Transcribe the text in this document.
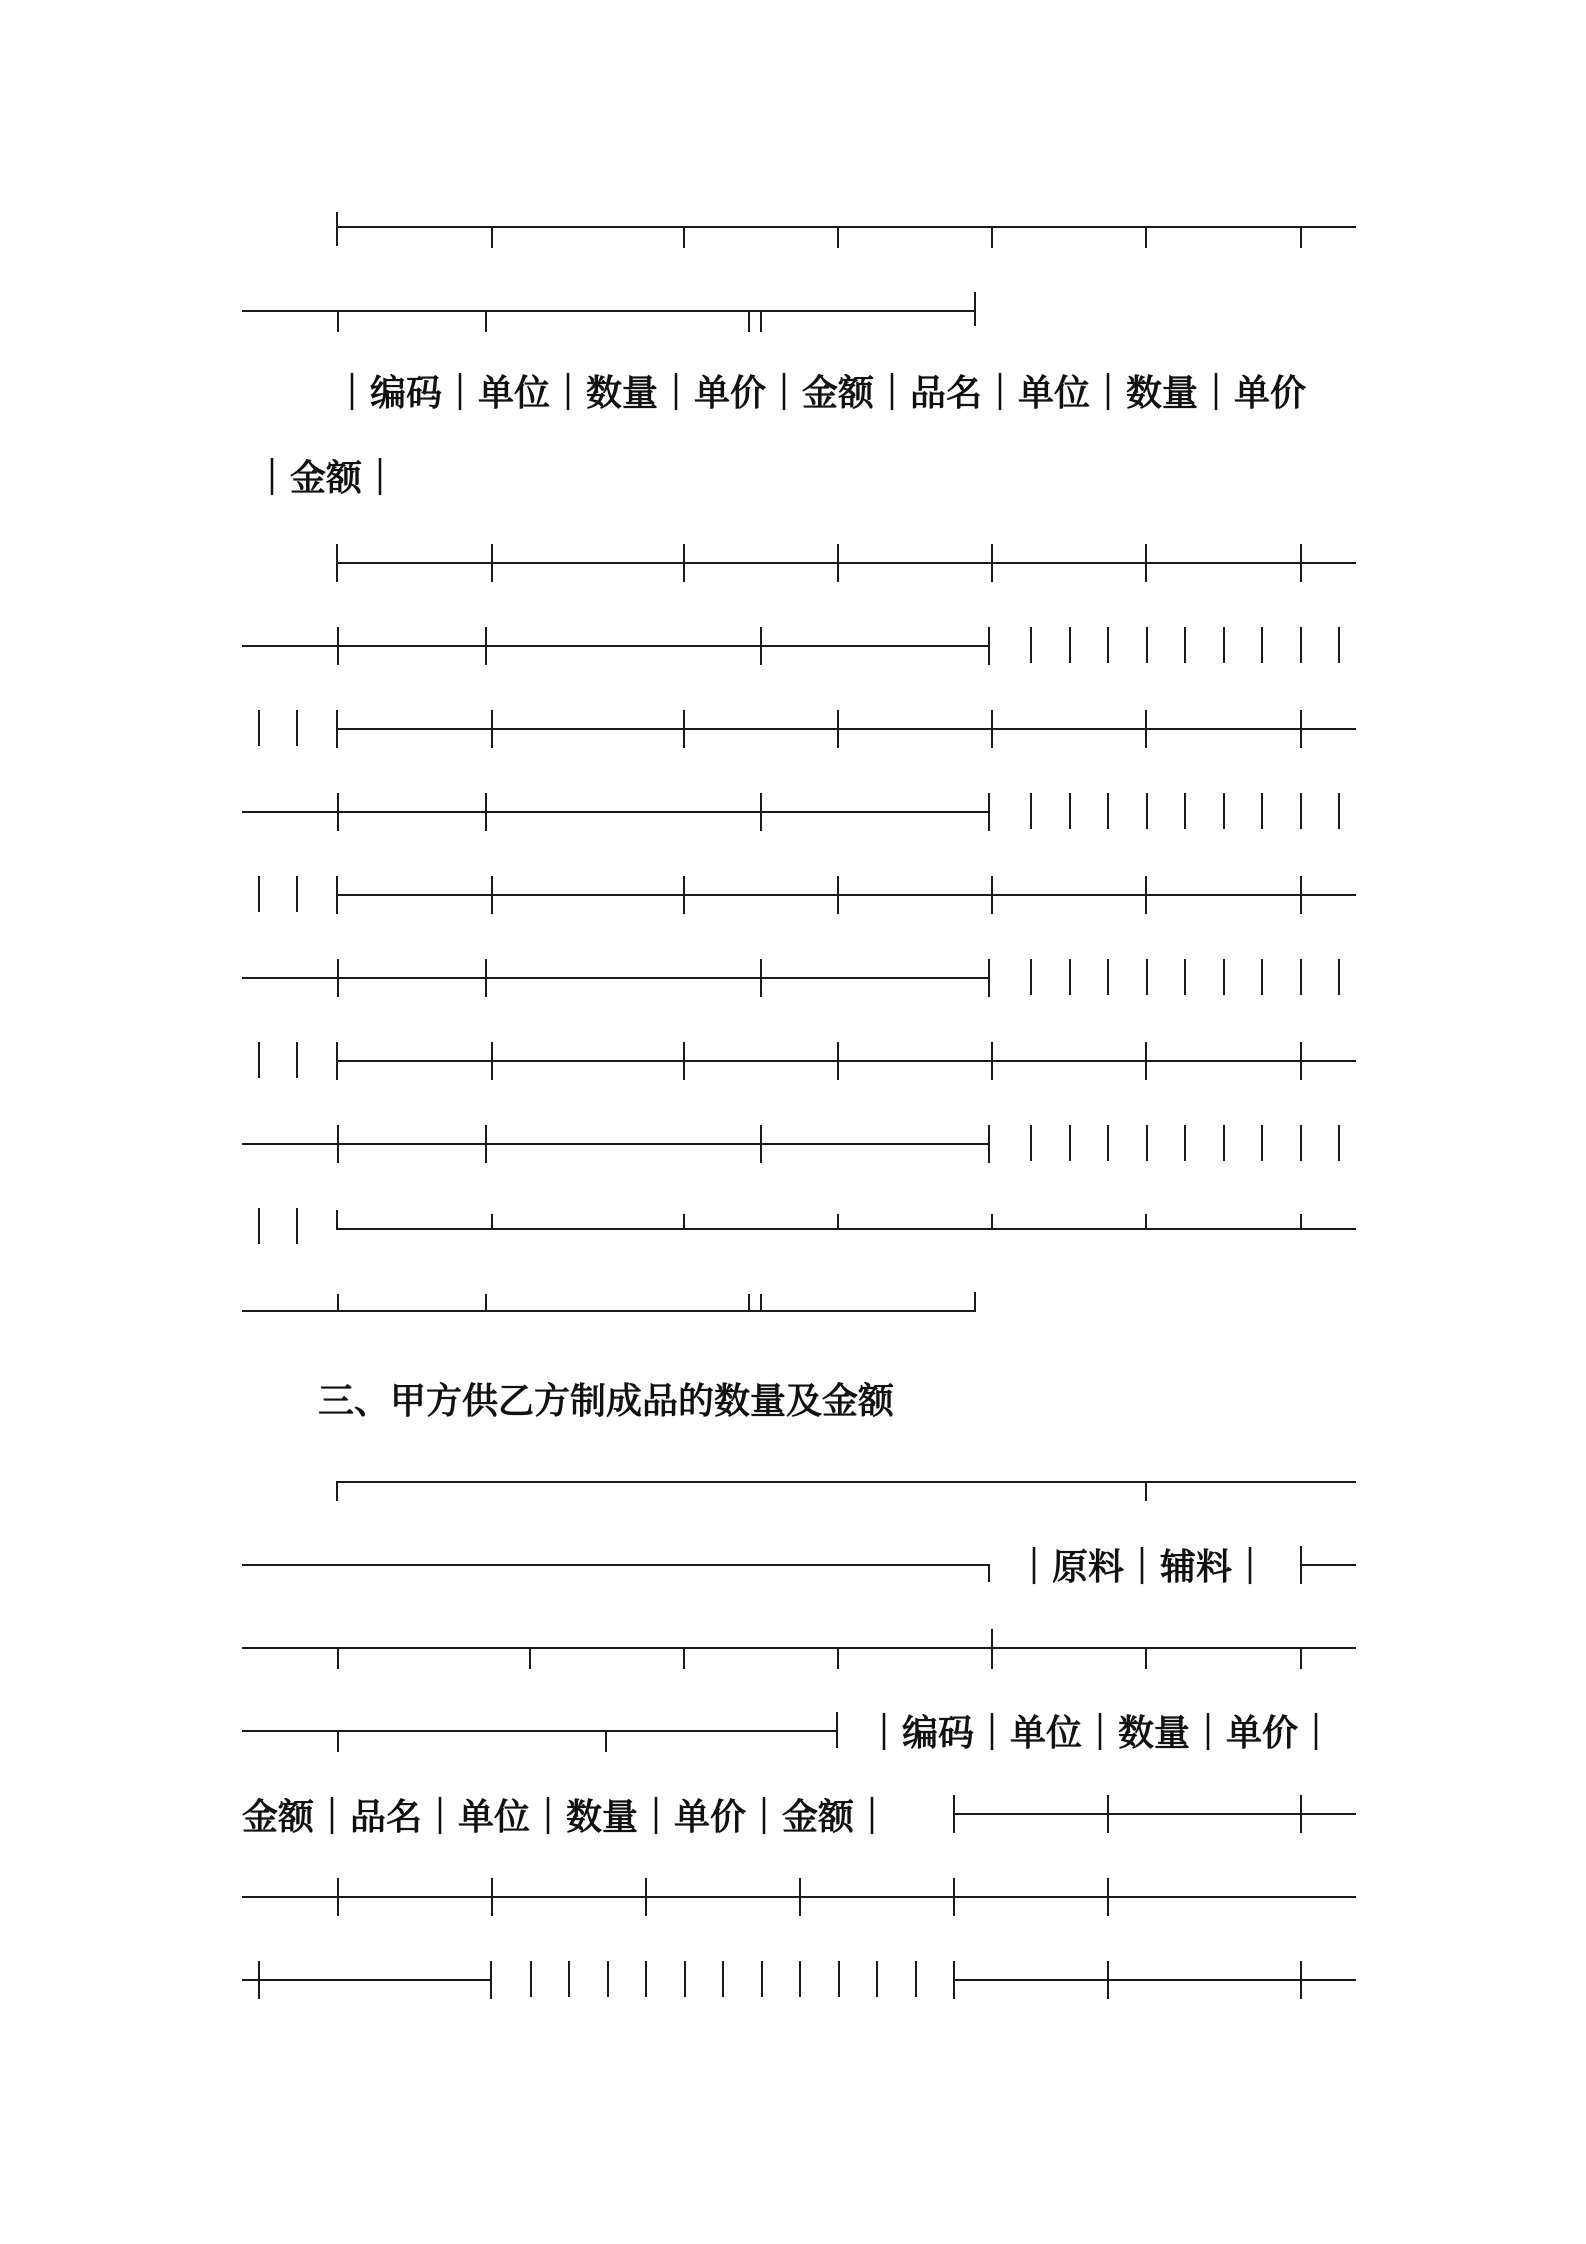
｜编码｜单位｜数量｜单价｜金额｜品名｜单位｜数量｜单价
｜金额｜
三、甲方供乙方制成品的数量及金额
｜原料｜辅料｜
｜编码｜单位｜数量｜单价｜
金额｜品名｜单位｜数量｜单价｜金额｜
